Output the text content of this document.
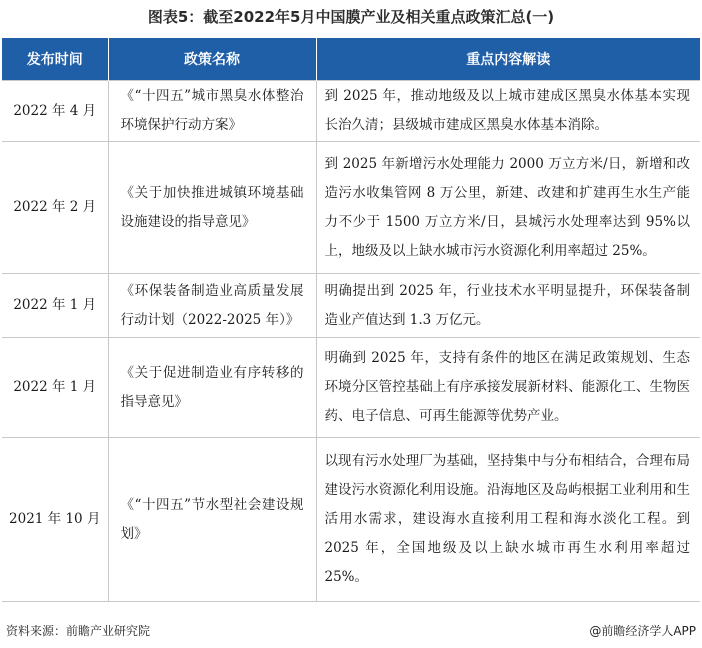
图表5：截至2022年5月中国膜产业及相关重点政策汇总(一)
发布时间	政策名称	重点内容解读
2022 年 4 月	《“十四五”城市黑臭水体整治环境保护行动方案》	到 2025 年，推动地级及以上城市建成区黑臭水体基本实现长治久清；县级城市建成区黑臭水体基本消除。
2022 年 2 月	《关于加快推进城镇环境基础设施建设的指导意见》	到 2025 年新增污水处理能力 2000 万立方米/日，新增和改造污水收集管网 8 万公里，新建、改建和扩建再生水生产能力不少于 1500 万立方米/日，县城污水处理率达到 95%以上，地级及以上缺水城市污水资源化利用率超过 25%。
2022 年 1 月	《环保装备制造业高质量发展行动计划（2022-2025 年）》	明确提出到 2025 年，行业技术水平明显提升，环保装备制造业产值达到 1.3 万亿元。
2022 年 1 月	《关于促进制造业有序转移的指导意见》	明确到 2025 年，支持有条件的地区在满足政策规划、生态环境分区管控基础上有序承接发展新材料、能源化工、生物医药、电子信息、可再生能源等优势产业。
2021 年 10 月	《“十四五”节水型社会建设规划》	以现有污水处理厂为基础，坚持集中与分布相结合，合理布局建设污水资源化利用设施。沿海地区及岛屿根据工业利用和生活用水需求，建设海水直接利用工程和海水淡化工程。到 2025 年，全国地级及以上缺水城市再生水利用率超过 25%。
资料来源：前瞻产业研究院	@前瞻经济学人APP
